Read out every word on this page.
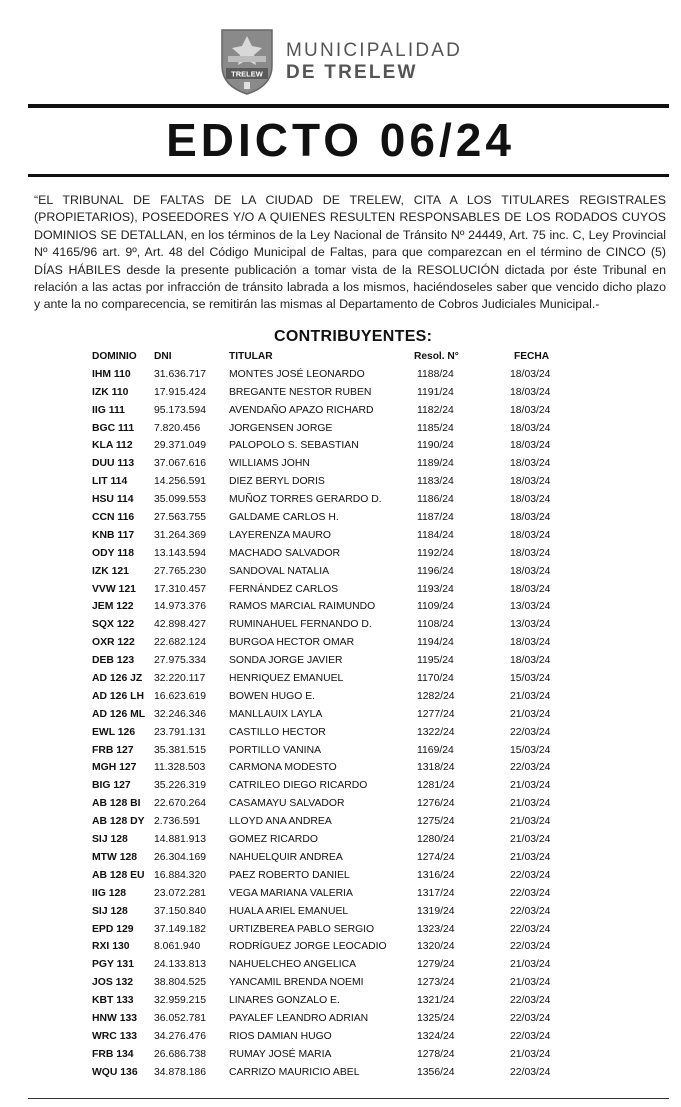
TRELEW
MUNICIPALIDAD
DE TRELEW
EDICTO 06/24
“EL TRIBUNAL DE FALTAS DE LA CIUDAD DE TRELEW, CITA A LOS TITULARES REGISTRALES (PROPIETARIOS), POSEEDORES Y/O A QUIENES RESULTEN RESPONSABLES DE LOS RODADOS CUYOS DOMINIOS SE DETALLAN, en los términos de la Ley Nacional de Tránsito Nº 24449, Art. 75 inc. C, Ley Provincial Nº 4165/96 art. 9º, Art. 48 del Código Municipal de Faltas, para que comparezcan en el término de CINCO (5) DÍAS HÁBILES desde la presente publicación a tomar vista de la RESOLUCIÓN dictada por éste Tribunal en relación a las actas por infracción de tránsito labrada a los mismos, haciéndoseles saber que vencido dicho plazo y ante la no comparecencia, se remitirán las mismas al Departamento de Cobros Judiciales Municipal.-
CONTRIBUYENTES:
DOMINIO DNI	TITULAR	Resol. N°	FECHA
IHM 110 31.636.717 MONTES JOSÉ LEONARDO	1188/24	18/03/24
IZK 110 17.915.424 BREGANTE NESTOR RUBEN	1191/24	18/03/24
IIG 111	95.173.594 AVENDAÑO APAZO RICHARD	1182/24	18/03/24
BGC 111 7.820.456	JORGENSEN JORGE	1185/24	18/03/24
KLA 112 29.371.049 PALOPOLO S. SEBASTIAN	1190/24	18/03/24
DUU 113 37.067.616 WILLIAMS JOHN	1189/24	18/03/24
LIT 114	14.256.591 DIEZ BERYL DORIS	1183/24	18/03/24
HSU 114 35.099.553 MUÑOZ TORRES GERARDO D.	1186/24	18/03/24
CCN 116 27.563.755 GALDAME CARLOS H.	1187/24	18/03/24
KNB 117 31.264.369 LAYERENZA MAURO	1184/24	18/03/24
ODY 118 13.143.594 MACHADO SALVADOR	1192/24	18/03/24
IZK 121 27.765.230 SANDOVAL NATALIA	1196/24	18/03/24
VVW 121 17.310.457 FERNÁNDEZ CARLOS	1193/24	18/03/24
JEM 122 14.973.376 RAMOS MARCIAL RAIMUNDO	1109/24	13/03/24
SQX 122 42.898.427 RUMINAHUEL FERNANDO D.	1108/24	13/03/24
OXR 122 22.682.124 BURGOA HECTOR OMAR	1194/24	18/03/24
DEB 123 27.975.334 SONDA JORGE JAVIER	1195/24	18/03/24
AD 126 JZ 32.220.117 HENRIQUEZ EMANUEL	1170/24	15/03/24
AD 126 LH 16.623.619 BOWEN HUGO E.	1282/24	21/03/24
AD 126 ML 32.246.346 MANLLAUIX LAYLA	1277/24	21/03/24
EWL 126 23.791.131 CASTILLO HECTOR	1322/24	22/03/24
FRB 127 35.381.515 PORTILLO VANINA	1169/24	15/03/24
MGH 127 11.328.503 CARMONA MODESTO	1318/24	22/03/24
BIG 127 35.226.319 CATRILEO DIEGO RICARDO	1281/24	21/03/24
AB 128 BI 22.670.264 CASAMAYU SALVADOR	1276/24	21/03/24
AB 128 DY 2.736.591	LLOYD ANA ANDREA	1275/24	21/03/24
SIJ 128	14.881.913 GOMEZ RICARDO	1280/24	21/03/24
MTW 128 26.304.169 NAHUELQUIR ANDREA	1274/24	21/03/24
AB 128 EU 16.884.320 PAEZ ROBERTO DANIEL	1316/24	22/03/24
IIG 128	23.072.281 VEGA MARIANA VALERIA	1317/24	22/03/24
SIJ 128	37.150.840 HUALA ARIEL EMANUEL	1319/24	22/03/24
EPD 129 37.149.182 URTIZBEREA PABLO SERGIO	1323/24	22/03/24
RXI 130 8.061.940	RODRÍGUEZ JORGE LEOCADIO	1320/24	22/03/24
PGY 131 24.133.813 NAHUELCHEO ANGELICA	1279/24	21/03/24
JOS 132 38.804.525 YANCAMIL BRENDA NOEMI	1273/24	21/03/24
KBT 133 32.959.215 LINARES GONZALO E.	1321/24	22/03/24
HNW 133 36.052.781 PAYALEF LEANDRO ADRIAN	1325/24	22/03/24
WRC 133 34.276.476 RIOS DAMIAN HUGO	1324/24	22/03/24
FRB 134 26.686.738 RUMAY JOSÉ MARIA	1278/24	21/03/24
WQU 136 34.878.186 CARRIZO MAURICIO ABEL	1356/24	22/03/24
